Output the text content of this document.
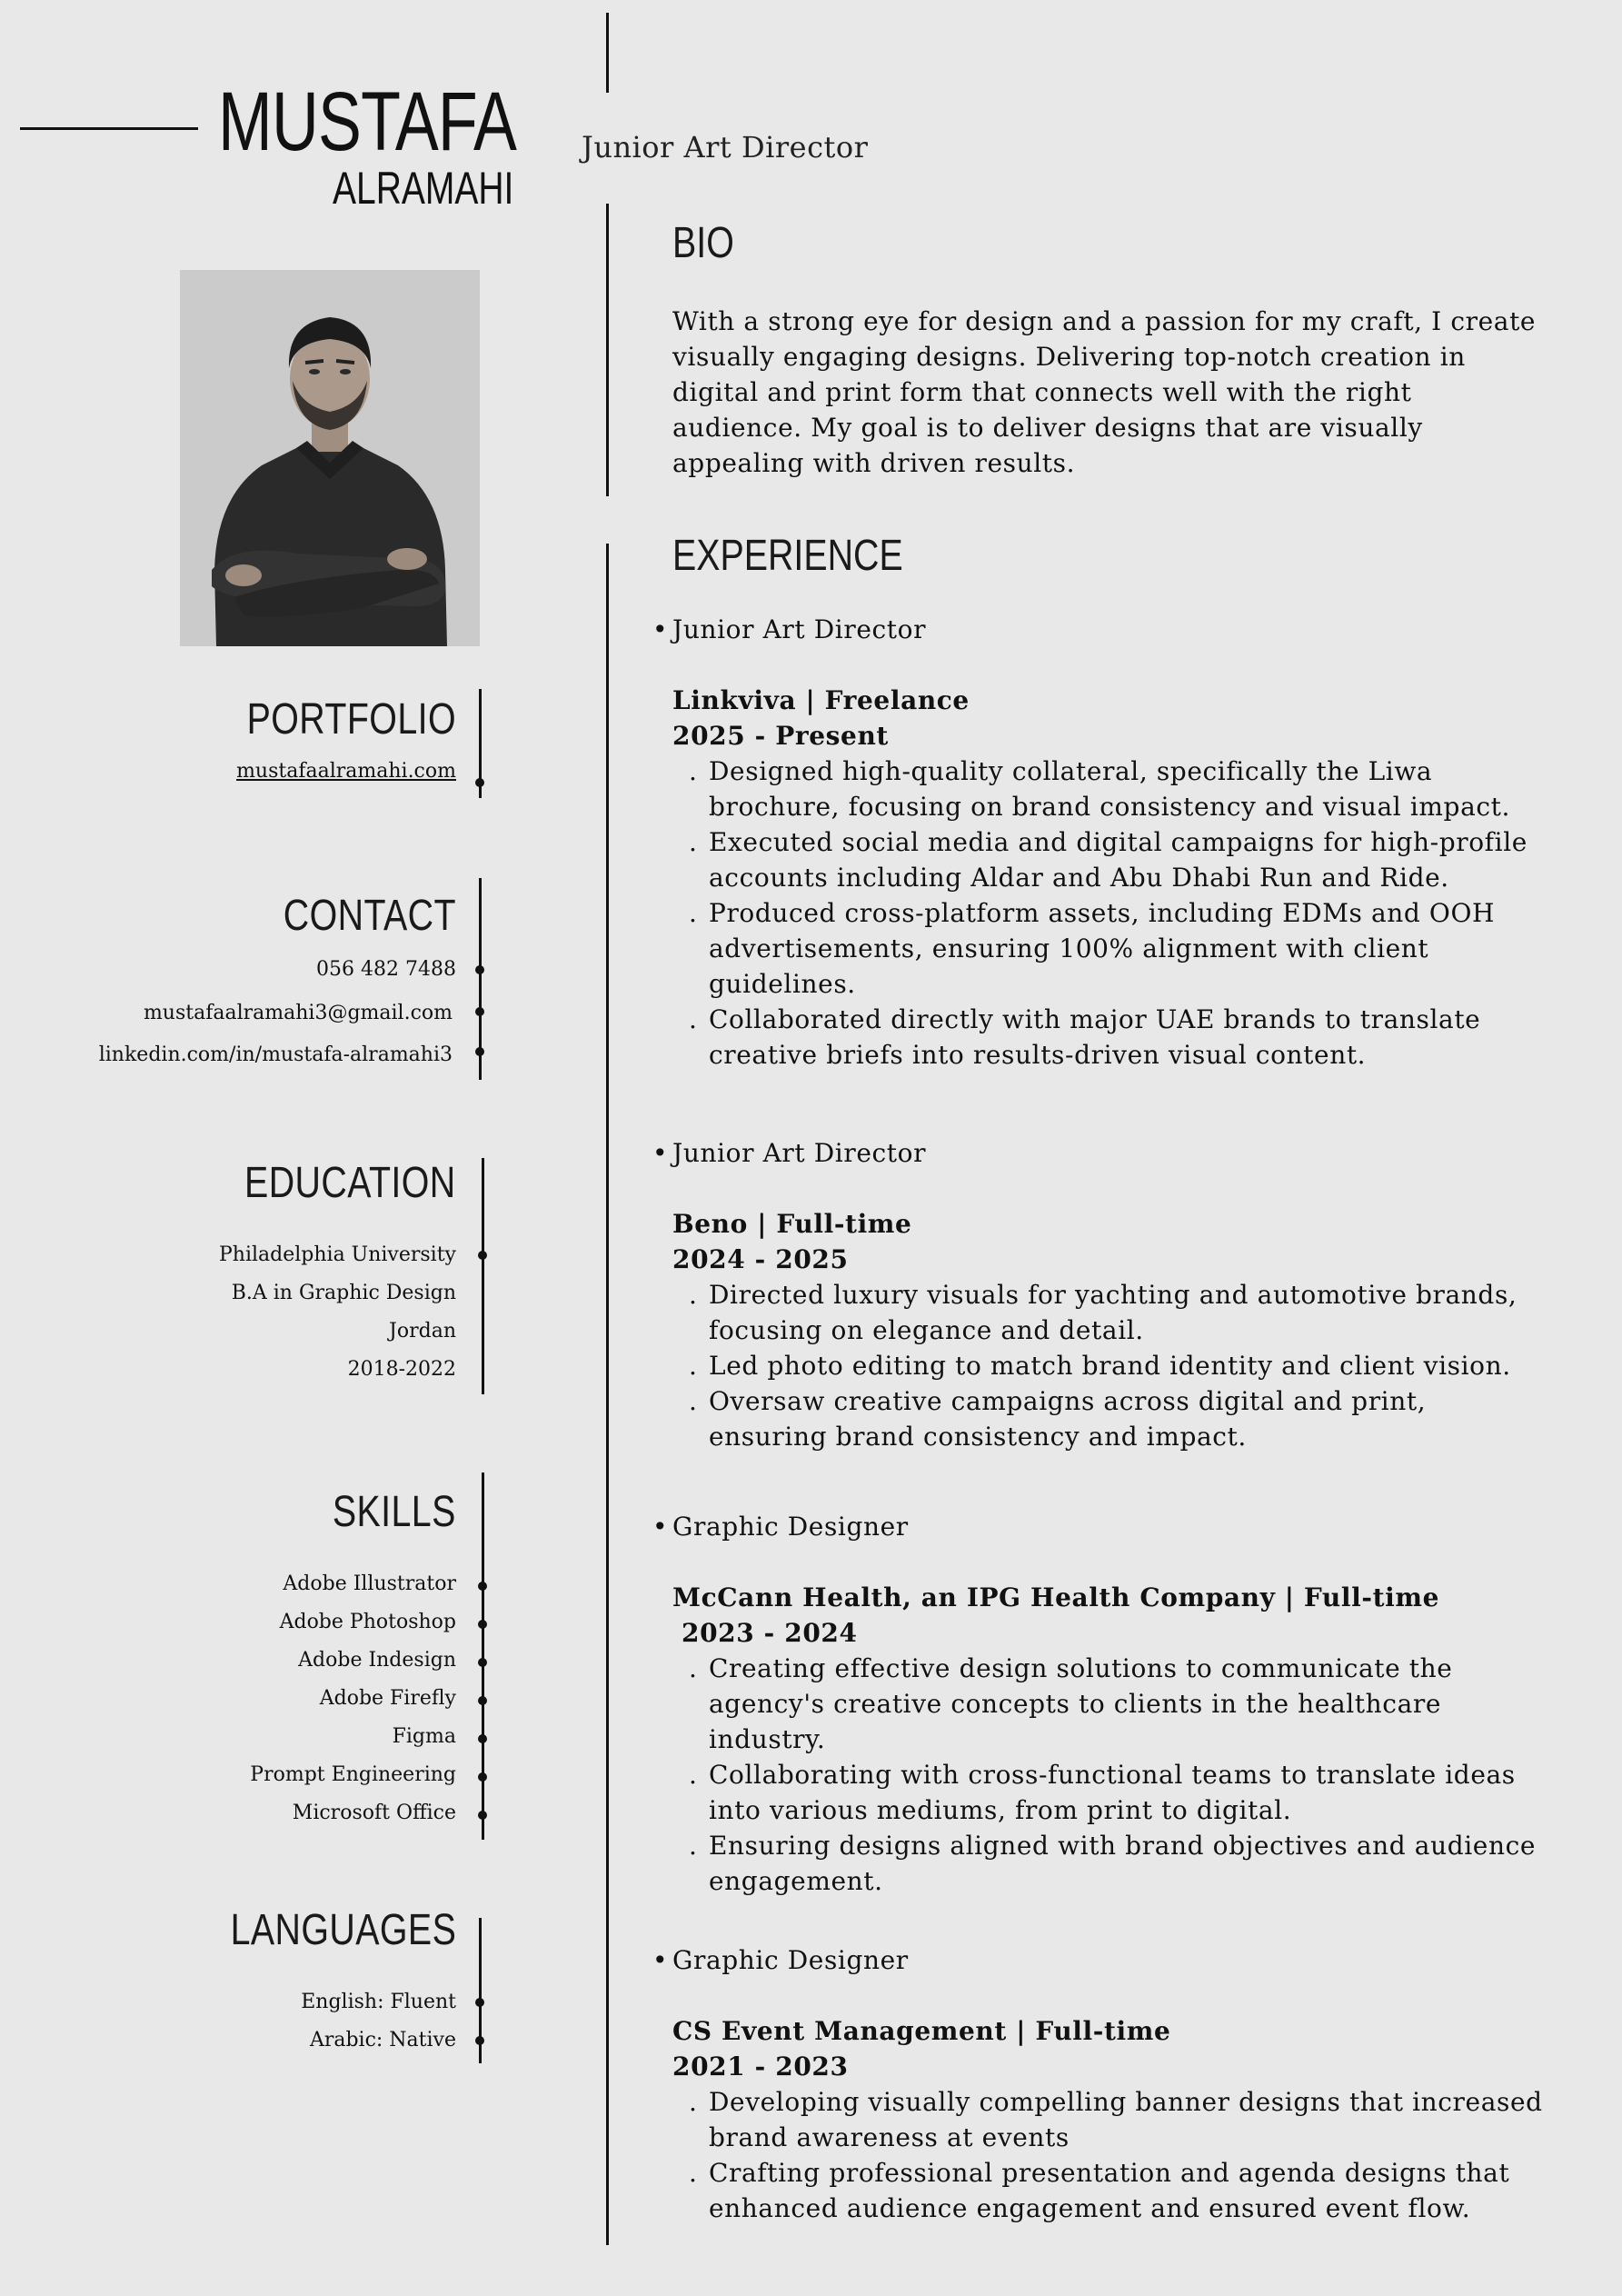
MUSTAFA
ALRAMAHI
Junior Art Director
PORTFOLIO
mustafaalramahi.com
CONTACT
056 482 7488
mustafaalramahi3@gmail.com
linkedin.com/in/mustafa-alramahi3
EDUCATION
Philadelphia University
B.A in Graphic Design
Jordan
2018-2022
SKILLS
Adobe Illustrator
Adobe Photoshop
Adobe Indesign
Adobe Firefly
Figma
Prompt Engineering
Microsoft Office
LANGUAGES
English: Fluent
Arabic: Native
BIO
With a strong eye for design and a passion for my craft, I create visually engaging designs. Delivering top-notch creation in digital and print form that connects well with the right audience. My goal is to deliver designs that are visually appealing with driven results.
EXPERIENCE
• Junior Art Director
Linkviva | Freelance
2025 - Present
. Designed high-quality collateral, specifically the Liwa brochure, focusing on brand consistency and visual impact.
. Executed social media and digital campaigns for high-profile accounts including Aldar and Abu Dhabi Run and Ride.
. Produced cross-platform assets, including EDMs and OOH advertisements, ensuring 100% alignment with client guidelines.
. Collaborated directly with major UAE brands to translate creative briefs into results-driven visual content.
• Junior Art Director
Beno | Full-time
2024 - 2025
. Directed luxury visuals for yachting and automotive brands, focusing on elegance and detail.
. Led photo editing to match brand identity and client vision.
. Oversaw creative campaigns across digital and print, ensuring brand consistency and impact.
• Graphic Designer
McCann Health, an IPG Health Company | Full-time
2023 - 2024
. Creating effective design solutions to communicate the agency's creative concepts to clients in the healthcare industry.
. Collaborating with cross-functional teams to translate ideas into various mediums, from print to digital.
. Ensuring designs aligned with brand objectives and audience engagement.
• Graphic Designer
CS Event Management | Full-time
2021 - 2023
. Developing visually compelling banner designs that increased brand awareness at events
. Crafting professional presentation and agenda designs that enhanced audience engagement and ensured event flow.
